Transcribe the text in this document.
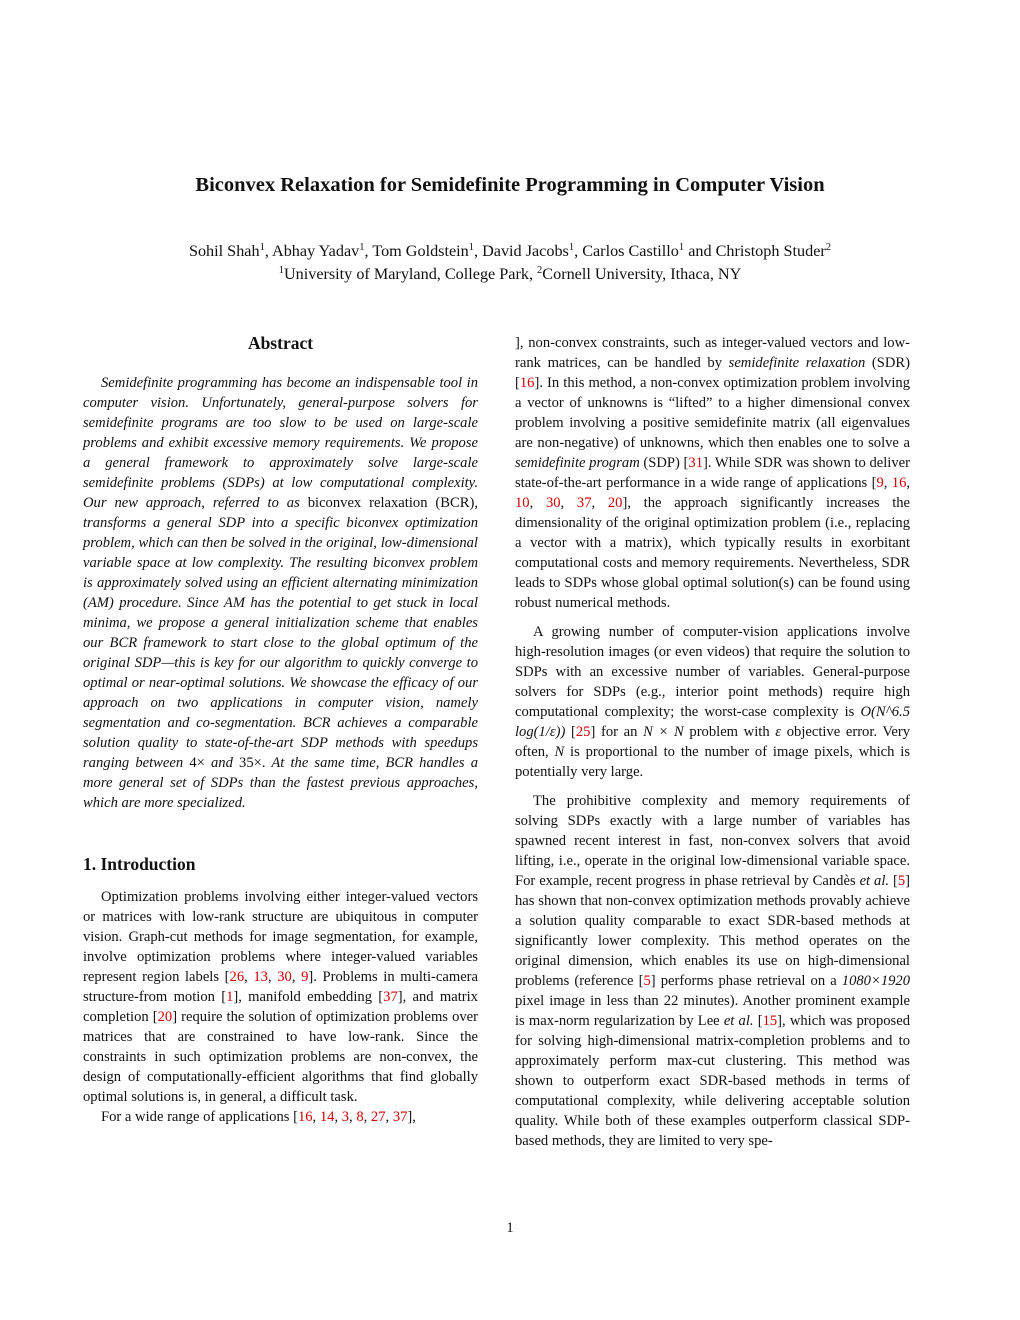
Biconvex Relaxation for Semidefinite Programming in Computer Vision
Sohil Shah$^1$, Abhay Yadav$^1$, Tom Goldstein$^1$, David Jacobs$^1$, Carlos Castillo$^1$ and Christoph Studer$^2$
$^1$University of Maryland, College Park, $^2$Cornell University, Ithaca, NY
Abstract

Semidefinite programming has become an indispensable tool in computer vision. Unfortunately, general-purpose solvers for semidefinite programs are too slow to be used on large-scale problems and exhibit excessive memory requirements. We propose a general framework to approximately solve large-scale semidefinite problems (SDPs) at low computational complexity. Our new approach, referred to as biconvex relaxation (BCR), transforms a general SDP into a specific biconvex optimization problem, which can then be solved in the original, low-dimensional variable space at low complexity. The resulting biconvex problem is approximately solved using an efficient alternating minimization (AM) procedure. Since AM has the potential to get stuck in local minima, we propose a general initialization scheme that enables our BCR framework to start close to the global optimum of the original SDP—this is key for our algorithm to quickly converge to optimal or near-optimal solutions. We showcase the efficacy of our approach on two applications in computer vision, namely segmentation and co-segmentation. BCR achieves a comparable solution quality to state-of-the-art SDP methods with speedups ranging between 4× and 35×. At the same time, BCR handles a more general set of SDPs than the fastest previous approaches, which are more specialized.

1. Introduction

Optimization problems involving either integer-valued vectors or matrices with low-rank structure are ubiquitous in computer vision. Graph-cut methods for image segmentation, for example, involve optimization problems where integer-valued variables represent region labels [26, 13, 30, 9]. Problems in multi-camera structure-from motion [1], manifold embedding [37], and matrix completion [20] require the solution of optimization problems over matrices that are constrained to have low-rank. Since the constraints in such optimization problems are non-convex, the design of computationally-efficient algorithms that find globally optimal solutions is, in general, a difficult task.

For a wide range of applications [16, 14, 3, 8, 27, 37],

], non-convex constraints, such as integer-valued vectors and low-rank matrices, can be handled by semidefinite relaxation (SDR) [16]. In this method, a non-convex optimization problem involving a vector of unknowns is “lifted” to a higher dimensional convex problem involving a positive semidefinite matrix (all eigenvalues are non-negative) of unknowns, which then enables one to solve a semidefinite program (SDP) [31]. While SDR was shown to deliver state-of-the-art performance in a wide range of applications [9, 16, 10, 30, 37, 20], the approach significantly increases the dimensionality of the original optimization problem (i.e., replacing a vector with a matrix), which typically results in exorbitant computational costs and memory requirements. Nevertheless, SDR leads to SDPs whose global optimal solution(s) can be found using robust numerical methods.

A growing number of computer-vision applications involve high-resolution images (or even videos) that require the solution to SDPs with an excessive number of variables. General-purpose solvers for SDPs (e.g., interior point methods) require high computational complexity; the worst-case complexity is O(N^6.5 log(1/ε)) [25] for an N × N problem with ε objective error. Very often, N is proportional to the number of image pixels, which is potentially very large.

The prohibitive complexity and memory requirements of solving SDPs exactly with a large number of variables has spawned recent interest in fast, non-convex solvers that avoid lifting, i.e., operate in the original low-dimensional variable space. For example, recent progress in phase retrieval by Candès et al. [5] has shown that non-convex optimization methods provably achieve a solution quality comparable to exact SDR-based methods at significantly lower complexity. This method operates on the original dimension, which enables its use on high-dimensional problems (reference [5] performs phase retrieval on a 1080×1920 pixel image in less than 22 minutes). Another prominent example is max-norm regularization by Lee et al. [15], which was proposed for solving high-dimensional matrix-completion problems and to approximately perform max-cut clustering. This method was shown to outperform exact SDR-based methods in terms of computational complexity, while delivering acceptable solution quality. While both of these examples outperform classical SDP-based methods, they are limited to very spe-

1
